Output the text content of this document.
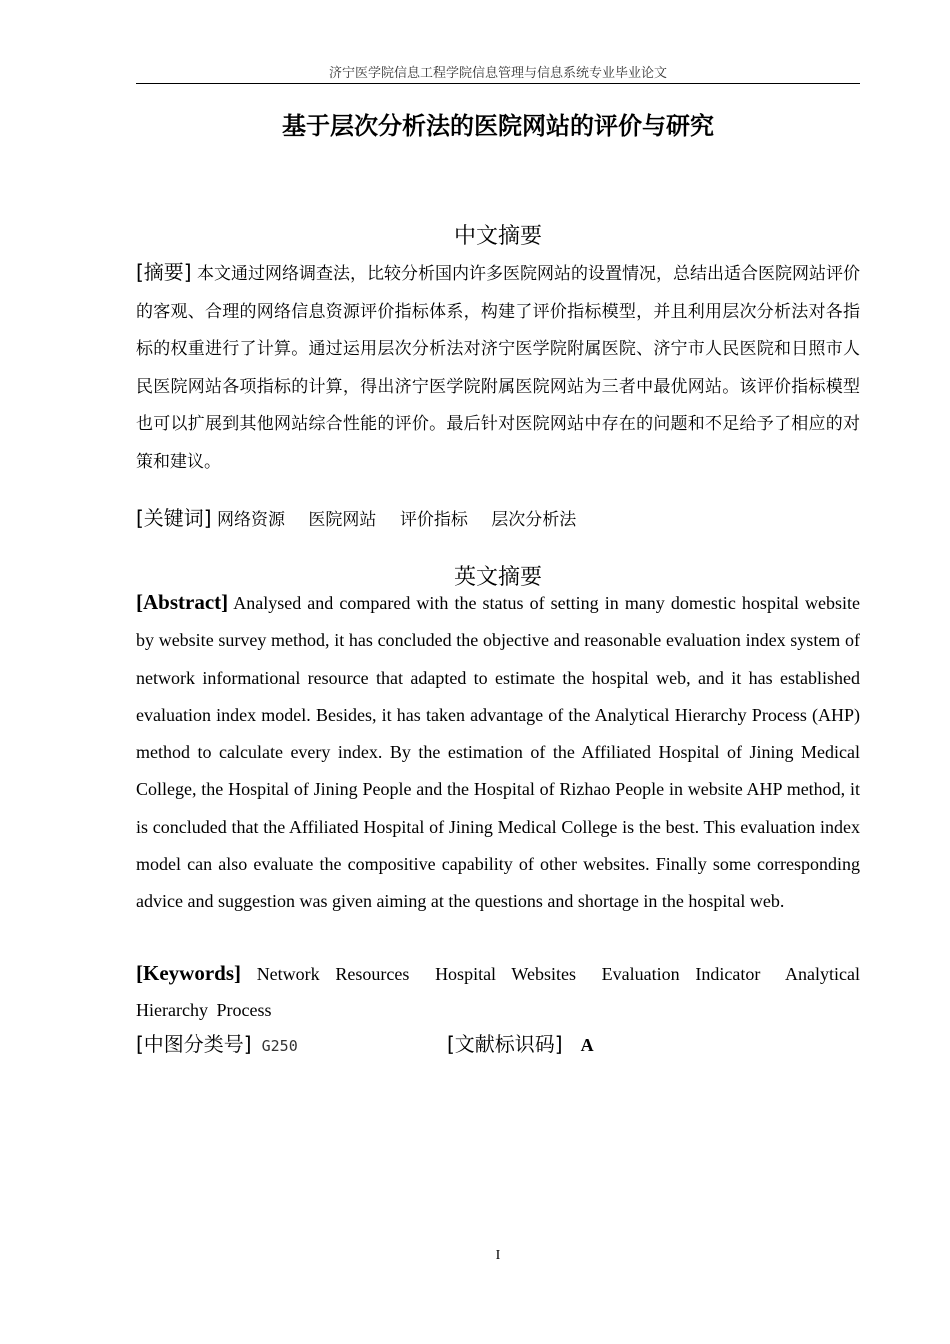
济宁医学院信息工程学院信息管理与信息系统专业毕业论文
基于层次分析法的医院网站的评价与研究
中文摘要
[摘要] 本文通过网络调查法，比较分析国内许多医院网站的设置情况，总结出适合医院网站评价的客观、合理的网络信息资源评价指标体系，构建了评价指标模型，并且利用层次分析法对各指标的权重进行了计算。通过运用层次分析法对济宁医学院附属医院、济宁市人民医院和日照市人民医院网站各项指标的计算，得出济宁医学院附属医院网站为三者中最优网站。该评价指标模型也可以扩展到其他网站综合性能的评价。最后针对医院网站中存在的问题和不足给予了相应的对策和建议。
[关键词] 网络资源 医院网站 评价指标 层次分析法
英文摘要
[Abstract] Analysed and compared with the status of setting in many domestic hospital website by website survey method, it has concluded the objective and reasonable evaluation index system of network informational resource that adapted to estimate the hospital web, and it has established evaluation index model. Besides, it has taken advantage of the Analytical Hierarchy Process (AHP) method to calculate every index. By the estimation of the Affiliated Hospital of Jining Medical College, the Hospital of Jining People and the Hospital of Rizhao People in website AHP method, it is concluded that the Affiliated Hospital of Jining Medical College is the best. This evaluation index model can also evaluate the compositive capability of other websites. Finally some corresponding advice and suggestion was given aiming at the questions and shortage in the hospital web.
[Keywords] Network Resources Hospital Websites Evaluation Indicator Analytical Hierarchy Process
[中图分类号] G250	[文献标识码] A
I
